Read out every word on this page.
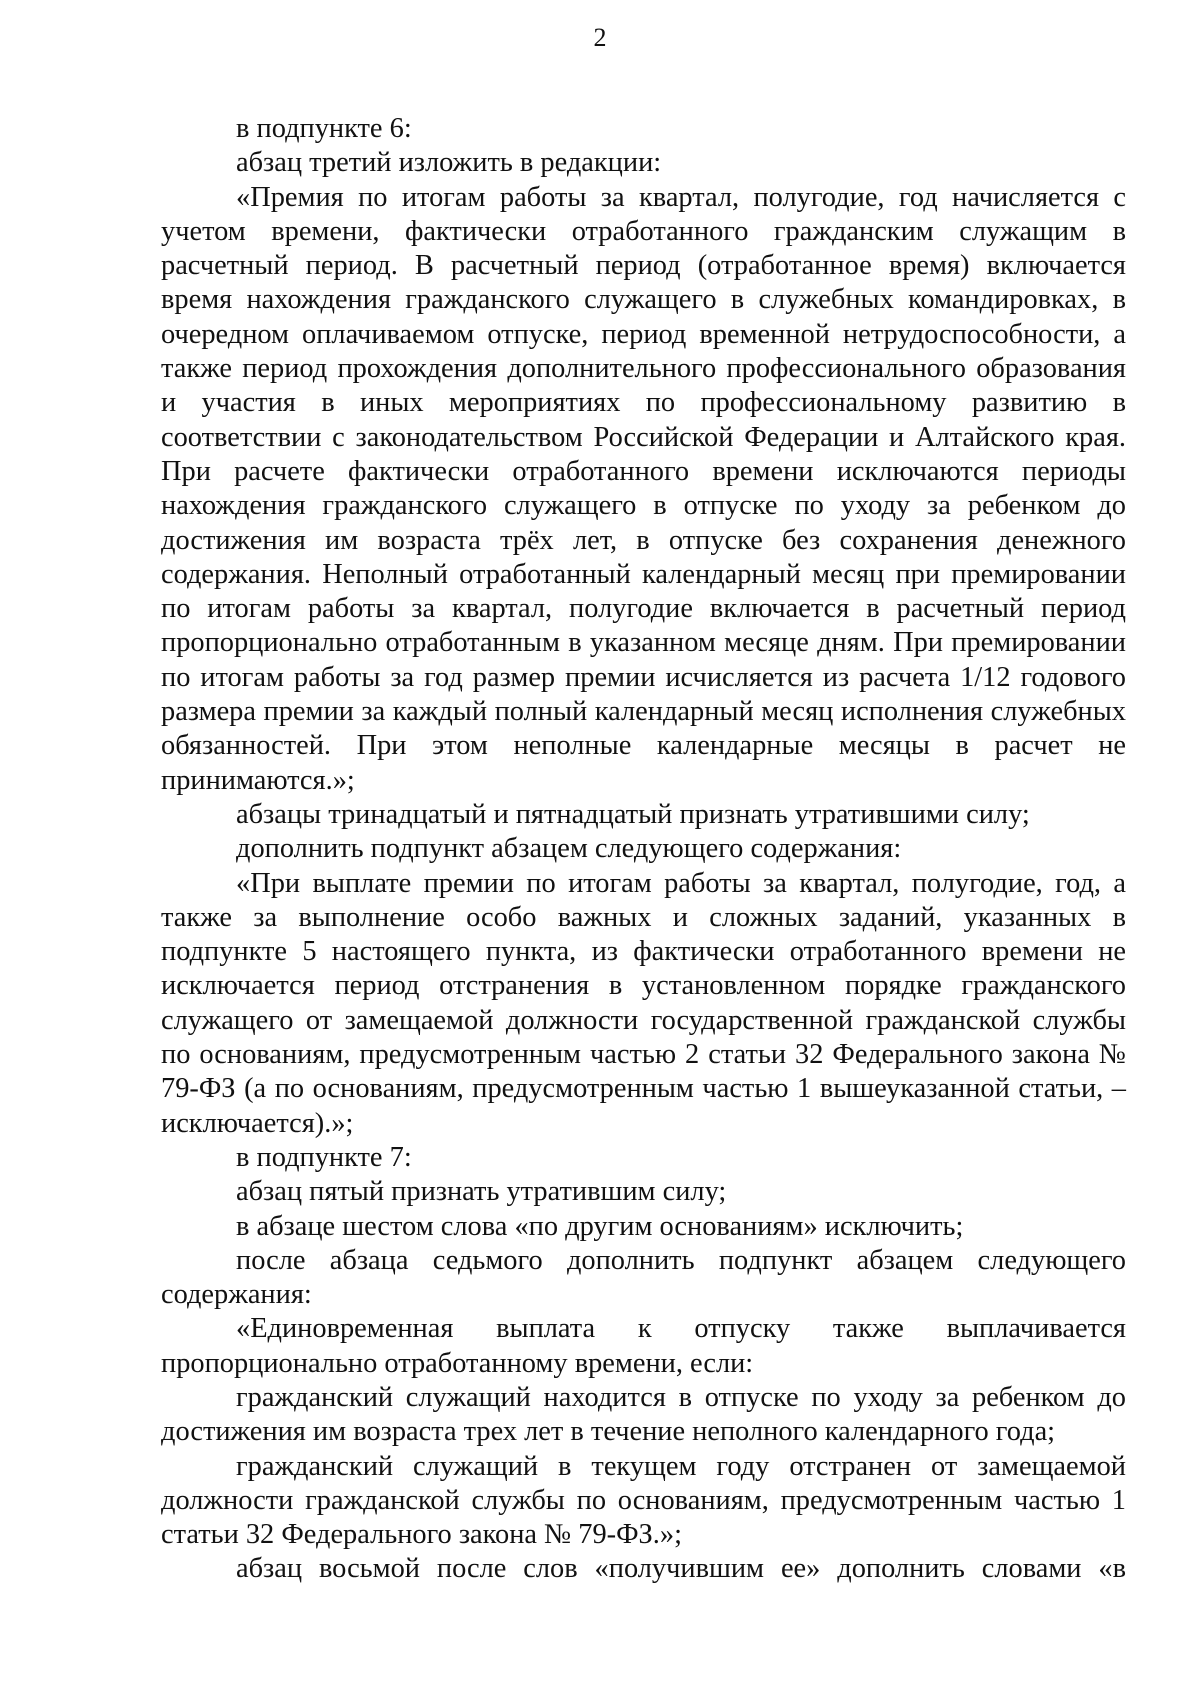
2

в подпункте 6:

абзац третий изложить в редакции:

«Премия по итогам работы за квартал, полугодие, год начисляется с учетом времени, фактически отработанного гражданским служащим в расчетный период. В расчетный период (отработанное время) включается время нахождения гражданского служащего в служебных командировках, в очередном оплачиваемом отпуске, период временной нетрудоспособности, а также период прохождения дополнительного профессионального образования и участия в иных мероприятиях по профессиональному развитию в соответствии с законодательством Российской Федерации и Алтайского края. При расчете фактически отработанного времени исключаются периоды нахождения гражданского служащего в отпуске по уходу за ребенком до достижения им возраста трёх лет, в отпуске без сохранения денежного содержания. Неполный отработанный календарный месяц при премировании по итогам работы за квартал, полугодие включается в расчетный период пропорционально отработанным в указанном месяце дням. При премировании по итогам работы за год размер премии исчисляется из расчета 1/12 годового размера премии за каждый полный календарный месяц исполнения служебных обязанностей. При этом неполные календарные месяцы в расчет не принимаются.»;

абзацы тринадцатый и пятнадцатый признать утратившими силу;

дополнить подпункт абзацем следующего содержания:

«При выплате премии по итогам работы за квартал, полугодие, год, а также за выполнение особо важных и сложных заданий, указанных в подпункте 5 настоящего пункта, из фактически отработанного времени не исключается период отстранения в установленном порядке гражданского служащего от замещаемой должности государственной гражданской службы по основаниям, предусмотренным частью 2 статьи 32 Федерального закона № 79-ФЗ (а по основаниям, предусмотренным частью 1 вышеуказанной статьи, – исключается).»;

в подпункте 7:

абзац пятый признать утратившим силу;

в абзаце шестом слова «по другим основаниям» исключить;

после абзаца седьмого дополнить подпункт абзацем следующего содержания:

«Единовременная выплата к отпуску также выплачивается пропорционально отработанному времени, если:

гражданский служащий находится в отпуске по уходу за ребенком до достижения им возраста трех лет в течение неполного календарного года;

гражданский служащий в текущем году отстранен от замещаемой должности гражданской службы по основаниям, предусмотренным частью 1 статьи 32 Федерального закона № 79-ФЗ.»;

абзац восьмой после слов «получившим ее» дополнить словами «в
